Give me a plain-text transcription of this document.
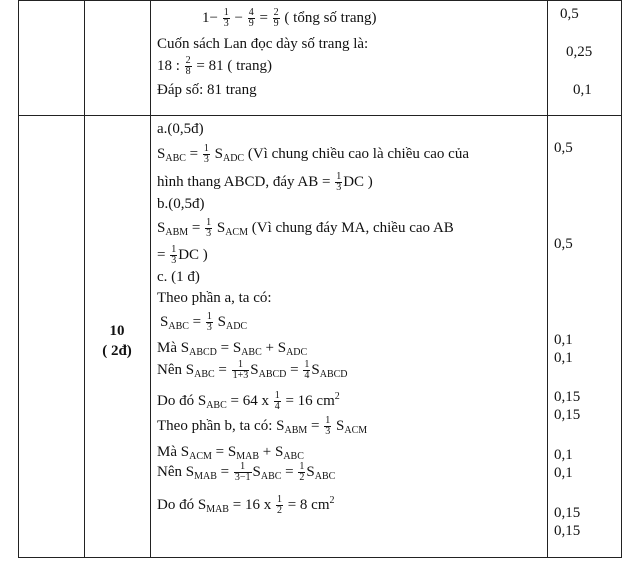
$1- \frac{1}{3} - \frac{4}{9} = \frac{2}{9}$ ( tổng số trang)
Cuốn sách Lan đọc dày số trang là:
18 : $\frac{2}{8} = 81$ ( trang)
Đáp số: 81 trang
0,5
0,25
0,1
10
( 2đ)
a.(0,5đ)
$S_{ABC} = \frac{1}{3} S_{ADC}$ (Vì chung chiều cao là chiều cao của
hình thang ABCD, đáy AB = $\frac{1}{3}$ DC )
b.(0,5đ)
$S_{ABM} = \frac{1}{3} S_{ACM}$ (Vì chung đáy MA, chiều cao AB
= $\frac{1}{3}$ DC )
c. (1 đ)
Theo phần a, ta có:
$S_{ABC} = \frac{1}{3} S_{ADC}$
Mà $S_{ABCD} = S_{ABC} + S_{ADC}$
Nên $S_{ABC} = \frac{1}{1+3} S_{ABCD} = \frac{1}{4} S_{ABCD}$
Do đó $S_{ABC} = 64$ x $\frac{1}{4} = 16$ $cm^2$
Theo phần b, ta có: $S_{ABM} = \frac{1}{3} S_{ACM}$
Mà $S_{ACM} = S_{MAB} + S_{ABC}$
Nên $S_{MAB} = \frac{1}{3-1} S_{ABC} = \frac{1}{2} S_{ABC}$
Do đó $S_{MAB} = 16$ x $\frac{1}{2} = 8$ $cm^2$
0,5
0,5
0,1
0,1
0,15
0,15
0,1
0,1
0,15
0,15
